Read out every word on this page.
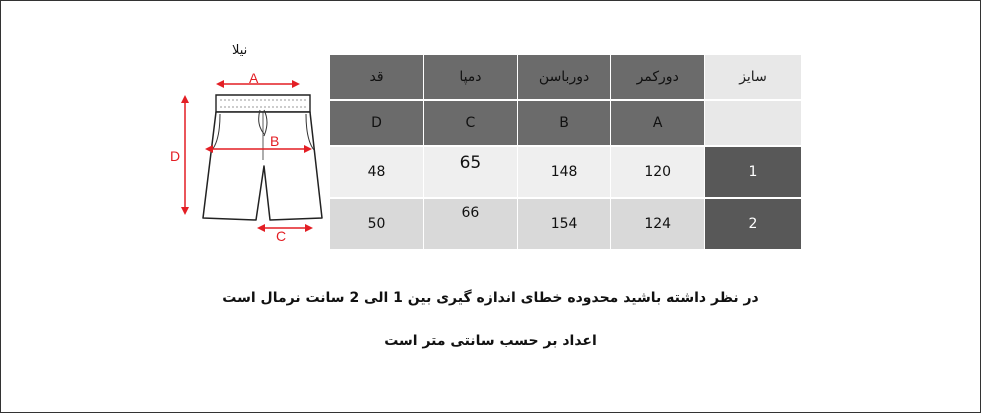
نیلا
A
B
C
D
سایز	دورکمر	دورباسن	دمپا	قد
	A	B	C	D
1	120	148	65	48
2	124	154	66	50
در نظر داشته باشید محدوده خطای اندازه گیری بین 1 الی 2 سانت نرمال است
اعداد بر حسب سانتی متر است
